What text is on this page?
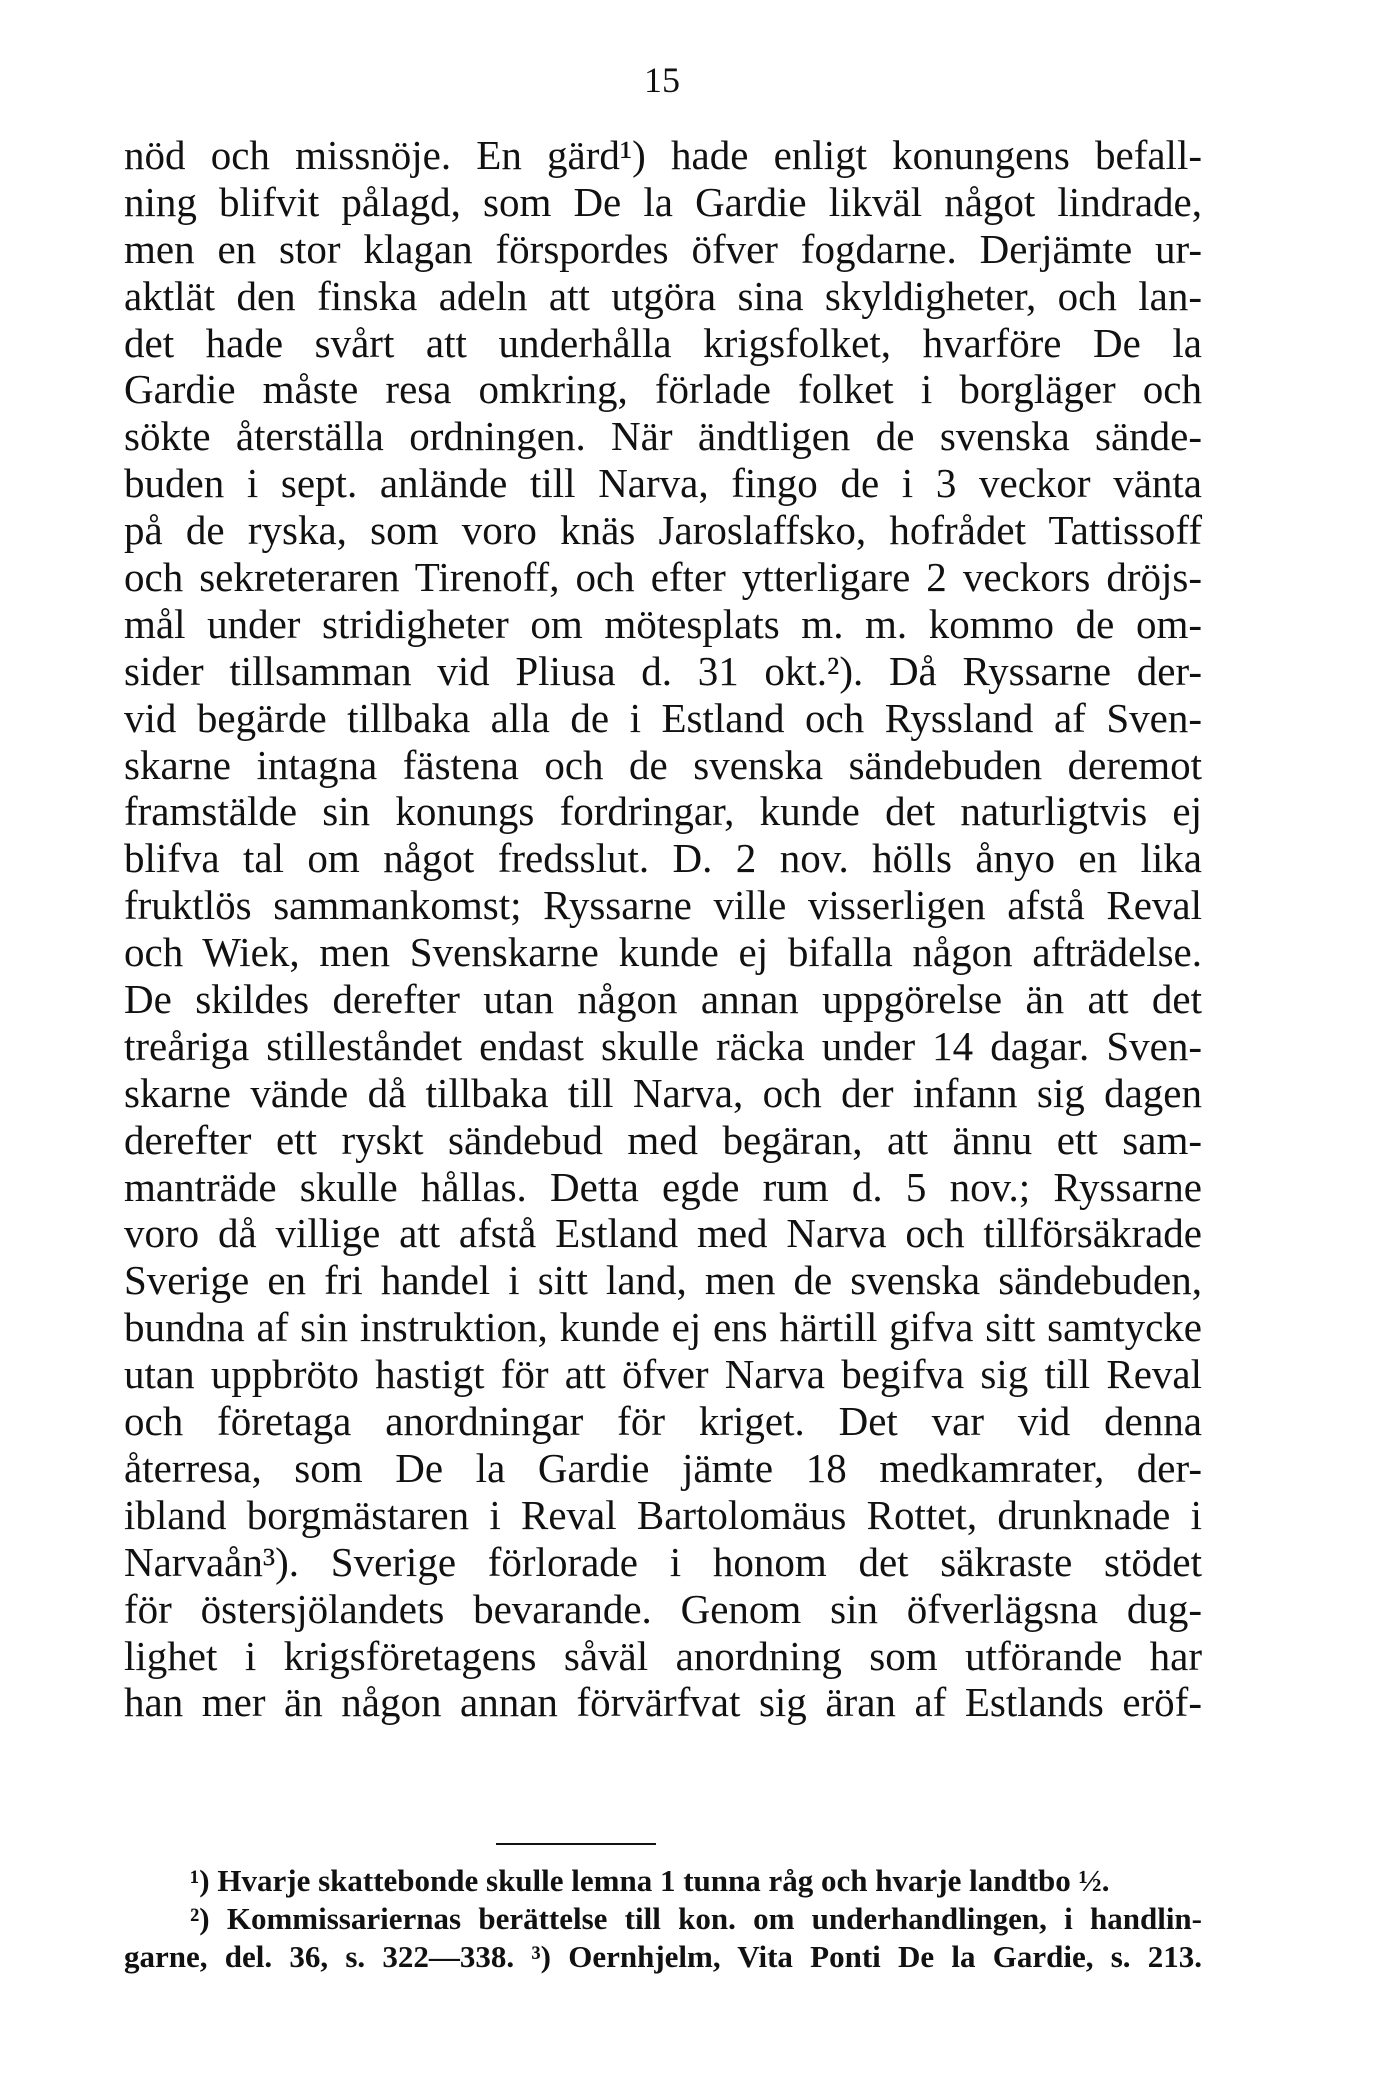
15
nöd och missnöje. En gärd¹) hade enligt konungens befall-
ning blifvit pålagd, som De la Gardie likväl något lindrade,
men en stor klagan förspordes öfver fogdarne. Derjämte ur-
aktlät den finska adeln att utgöra sina skyldigheter, och lan-
det hade svårt att underhålla krigsfolket, hvarföre De la
Gardie måste resa omkring, förlade folket i borgläger och
sökte återställa ordningen. När ändtligen de svenska sände-
buden i sept. anlände till Narva, fingo de i 3 veckor vänta
på de ryska, som voro knäs Jaroslaffsko, hofrådet Tattissoff
och sekreteraren Tirenoff, och efter ytterligare 2 veckors dröjs-
mål under stridigheter om mötesplats m. m. kommo de om-
sider tillsamman vid Pliusa d. 31 okt.²). Då Ryssarne der-
vid begärde tillbaka alla de i Estland och Ryssland af Sven-
skarne intagna fästena och de svenska sändebuden deremot
framstälde sin konungs fordringar, kunde det naturligtvis ej
blifva tal om något fredsslut. D. 2 nov. hölls ånyo en lika
fruktlös sammankomst; Ryssarne ville visserligen afstå Reval
och Wiek, men Svenskarne kunde ej bifalla någon afträdelse.
De skildes derefter utan någon annan uppgörelse än att det
treåriga stilleståndet endast skulle räcka under 14 dagar. Sven-
skarne vände då tillbaka till Narva, och der infann sig dagen
derefter ett ryskt sändebud med begäran, att ännu ett sam-
manträde skulle hållas. Detta egde rum d. 5 nov.; Ryssarne
voro då villige att afstå Estland med Narva och tillförsäkrade
Sverige en fri handel i sitt land, men de svenska sändebuden,
bundna af sin instruktion, kunde ej ens härtill gifva sitt samtycke
utan uppbröto hastigt för att öfver Narva begifva sig till Reval
och företaga anordningar för kriget. Det var vid denna
återresa, som De la Gardie jämte 18 medkamrater, der-
ibland borgmästaren i Reval Bartolomäus Rottet, drunknade i
Narvaån³). Sverige förlorade i honom det säkraste stödet
för östersjölandets bevarande. Genom sin öfverlägsna dug-
lighet i krigsföretagens såväl anordning som utförande har
han mer än någon annan förvärfvat sig äran af Estlands eröf-
¹) Hvarje skattebonde skulle lemna 1 tunna råg och hvarje landtbo ½.
²) Kommissariernas berättelse till kon. om underhandlingen, i handlin-
garne, del. 36, s. 322—338. ³) Oernhjelm, Vita Ponti De la Gardie, s. 213.
